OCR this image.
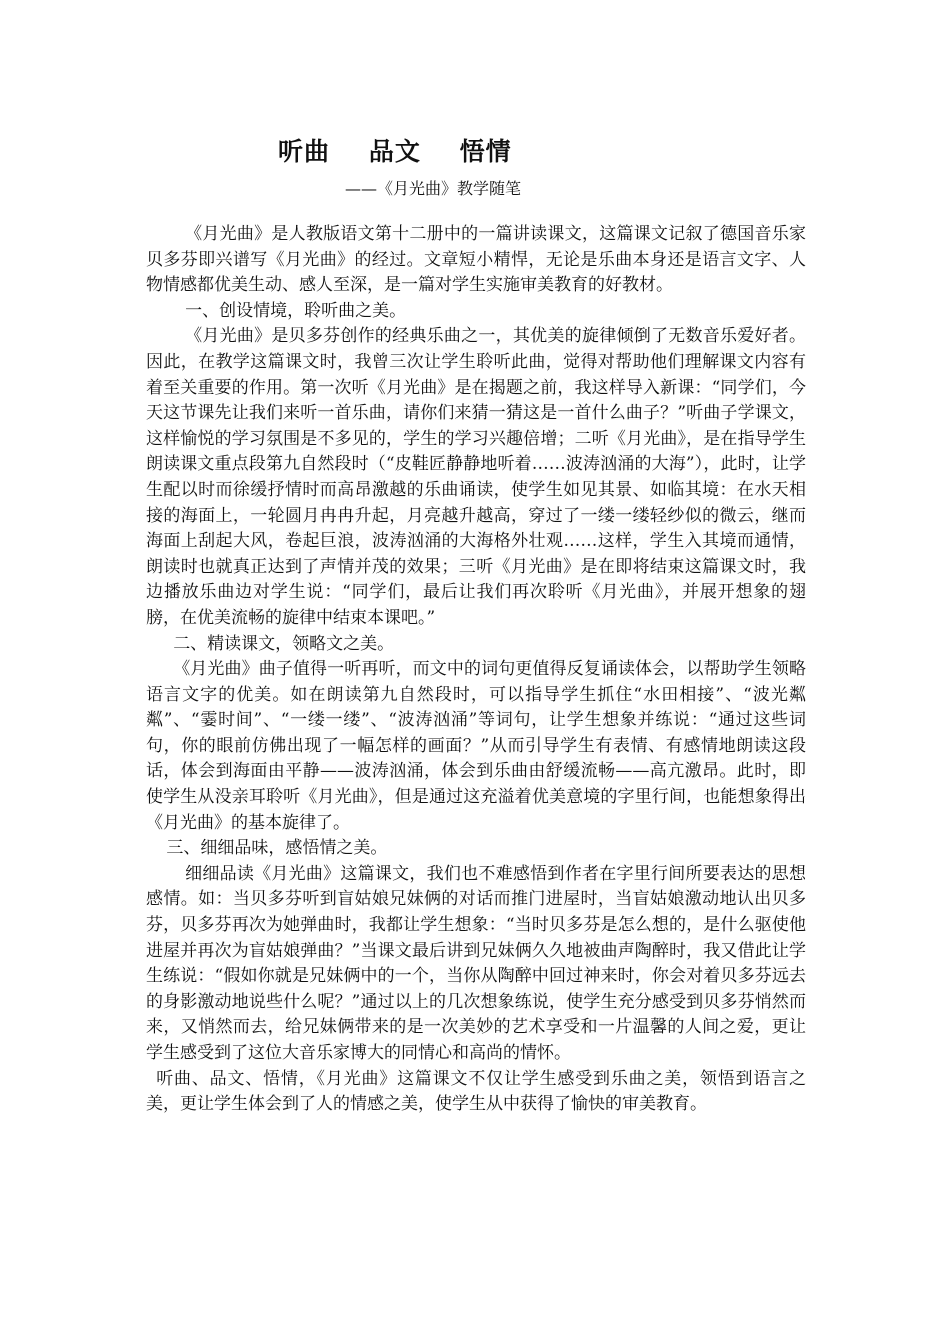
听曲    品文    悟情
——《月光曲》教学随笔

《月光曲》是人教版语文第十二册中的一篇讲读课文，这篇课文记叙了德国音乐家贝多芬即兴谱写《月光曲》的经过。文章短小精悍，无论是乐曲本身还是语言文字、人物情感都优美生动、感人至深，是一篇对学生实施审美教育的好教材。

一、创设情境，聆听曲之美。

《月光曲》是贝多芬创作的经典乐曲之一，其优美的旋律倾倒了无数音乐爱好者。因此，在教学这篇课文时，我曾三次让学生聆听此曲，觉得对帮助他们理解课文内容有着至关重要的作用。第一次听《月光曲》是在揭题之前，我这样导入新课：“同学们，今天这节课先让我们来听一首乐曲，请你们来猜一猜这是一首什么曲子？”听曲子学课文，这样愉悦的学习氛围是不多见的，学生的学习兴趣倍增；二听《月光曲》，是在指导学生朗读课文重点段第九自然段时（“皮鞋匠静静地听着……波涛汹涌的大海”），此时，让学生配以时而徐缓抒情时而高昂激越的乐曲诵读，使学生如见其景、如临其境：在水天相接的海面上，一轮圆月冉冉升起，月亮越升越高，穿过了一缕一缕轻纱似的微云，继而海面上刮起大风，卷起巨浪，波涛汹涌的大海格外壮观……这样，学生入其境而通情，朗读时也就真正达到了声情并茂的效果；三听《月光曲》是在即将结束这篇课文时，我边播放乐曲边对学生说：“同学们，最后让我们再次聆听《月光曲》，并展开想象的翅膀，在优美流畅的旋律中结束本课吧。”

二、精读课文，领略文之美。

《月光曲》曲子值得一听再听，而文中的词句更值得反复诵读体会，以帮助学生领略语言文字的优美。如在朗读第九自然段时，可以指导学生抓住“水田相接”、“波光粼粼”、“霎时间”、“一缕一缕”、“波涛汹涌”等词句，让学生想象并练说：“通过这些词句，你的眼前仿佛出现了一幅怎样的画面？”从而引导学生有表情、有感情地朗读这段话，体会到海面由平静——波涛汹涌，体会到乐曲由舒缓流畅——高亢激昂。此时，即使学生从没亲耳聆听《月光曲》，但是通过这充溢着优美意境的字里行间，也能想象得出《月光曲》的基本旋律了。

三、细细品味，感悟情之美。

细细品读《月光曲》这篇课文，我们也不难感悟到作者在字里行间所要表达的思想感情。如：当贝多芬听到盲姑娘兄妹俩的对话而推门进屋时，当盲姑娘激动地认出贝多芬，贝多芬再次为她弹曲时，我都让学生想象：“当时贝多芬是怎么想的，是什么驱使他进屋并再次为盲姑娘弹曲？”当课文最后讲到兄妹俩久久地被曲声陶醉时，我又借此让学生练说：“假如你就是兄妹俩中的一个，当你从陶醉中回过神来时，你会对着贝多芬远去的身影激动地说些什么呢？”通过以上的几次想象练说，使学生充分感受到贝多芬悄然而来，又悄然而去，给兄妹俩带来的是一次美妙的艺术享受和一片温馨的人间之爱，更让学生感受到了这位大音乐家博大的同情心和高尚的情怀。

听曲、品文、悟情，《月光曲》这篇课文不仅让学生感受到乐曲之美，领悟到语言之美，更让学生体会到了人的情感之美，使学生从中获得了愉快的审美教育。
